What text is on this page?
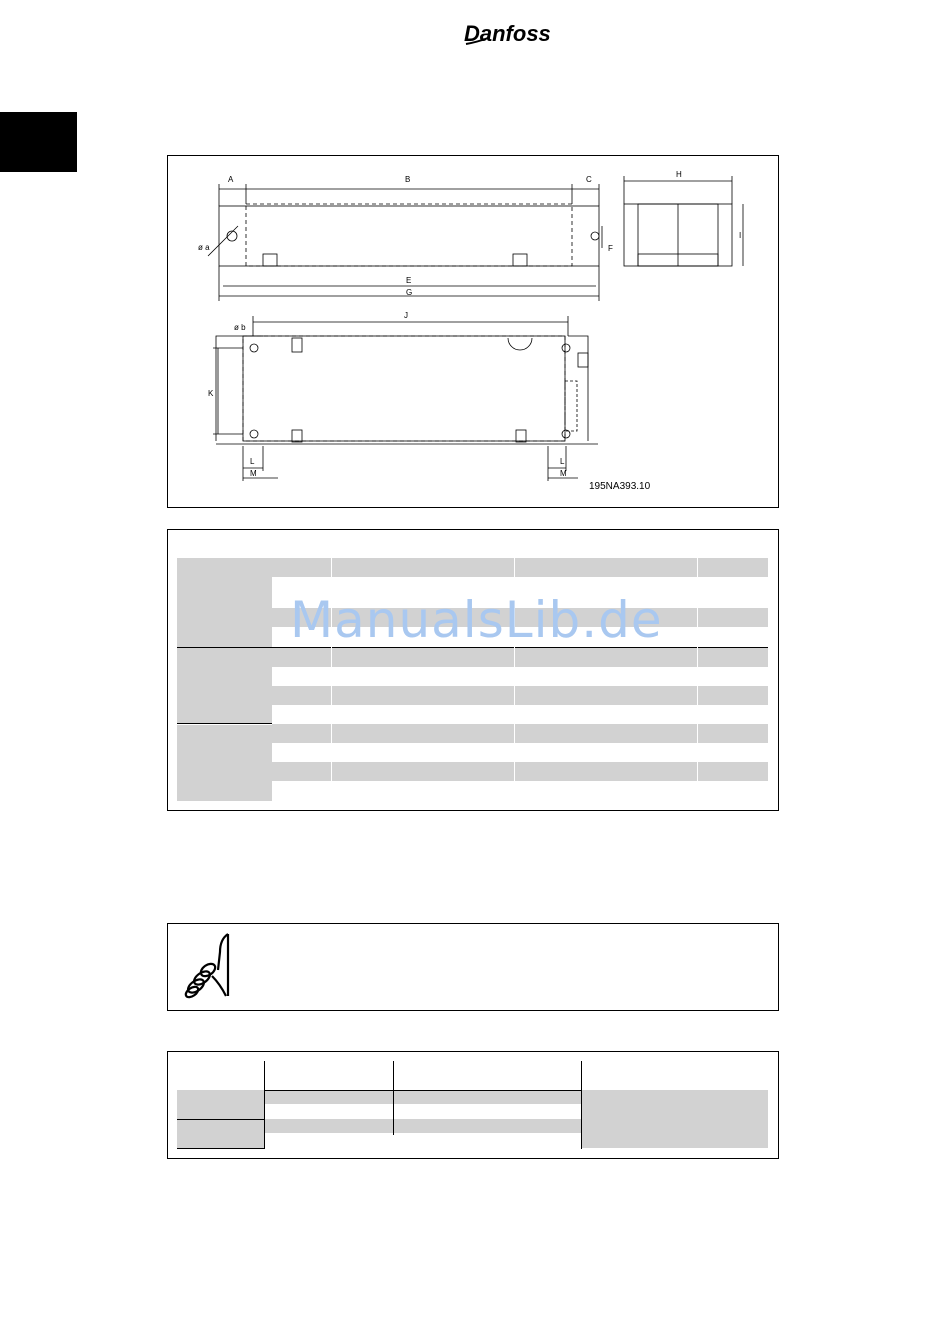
Danfoss
A	B	C
H
I
F
E
G
J
K
L
M
L
M
ø a
ø b
195NA393.10
ManualsLib.de
